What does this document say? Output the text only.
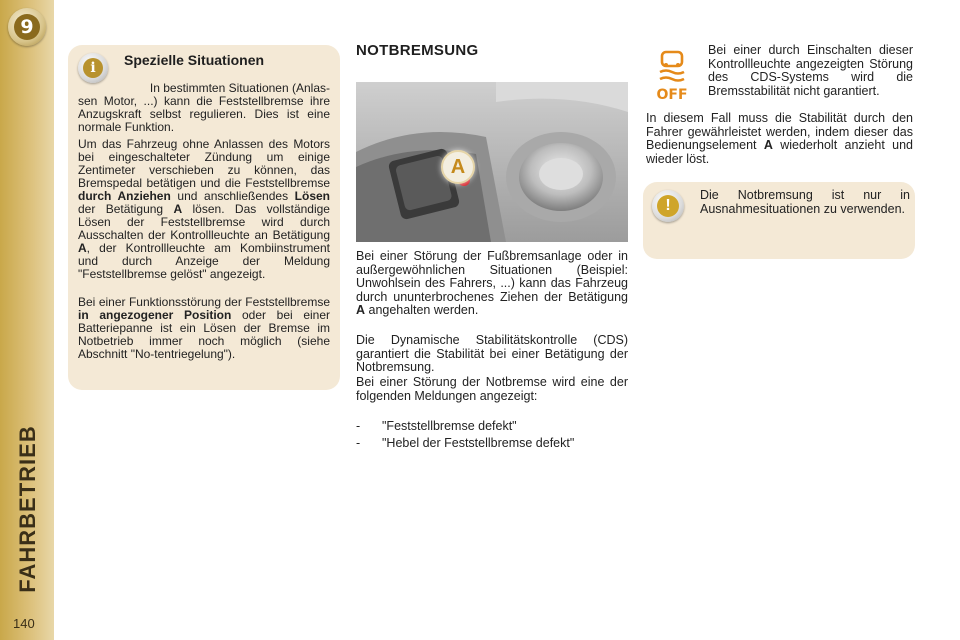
9
FAHRBETRIEB
140
i	Spezielle Situationen

In bestimmten Situationen (Anlas-

sen Motor, ...) kann die Feststellbremse ihre Anzugskraft selbst regulieren. Dies ist eine normale Funktion.

Um das Fahrzeug ohne Anlassen des Motors bei eingeschalteter Zündung um einige Zentimeter verschieben zu können, das Bremspedal betätigen und die Feststellbremse durch Anziehen und anschließendes Lösen der Betätigung A lösen. Das vollständige Lösen der Feststellbremse wird durch Ausschalten der Kontrollleuchte an Betätigung A, der Kontrollleuchte am Kombiinstrument und durch Anzeige der Meldung "Feststellbremse gelöst" angezeigt.

Bei einer Funktionsstörung der Feststellbremse in angezogener Position oder bei einer Batteriepanne ist ein Lösen der Bremse im Notbetrieb immer noch möglich (siehe Abschnitt "No-tentriegelung").

NOTBREMSUNG
A

Bei einer Störung der Fußbremsanlage oder in außergewöhnlichen Situationen (Beispiel: Unwohlsein des Fahrers, ...) kann das Fahrzeug durch ununterbrochenes Ziehen der Betätigung A angehalten werden.

Die Dynamische Stabilitätskontrolle (CDS) garantiert die Stabilität bei einer Betätigung der Notbremsung.

Bei einer Störung der Notbremse wird eine der folgenden Meldungen angezeigt:

- "Feststellbremse defekt"
- "Hebel der Feststellbremse defekt"
OFF

Bei einer durch Einschalten dieser Kontrollleuchte angezeigten Störung des CDS-Systems wird die Bremsstabilität nicht garantiert.

In diesem Fall muss die Stabilität durch den Fahrer gewährleistet werden, indem dieser das Bedienungselement A wiederholt anzieht und wieder löst.

!

Die Notbremsung ist nur in Ausnahmesituationen zu verwenden.
